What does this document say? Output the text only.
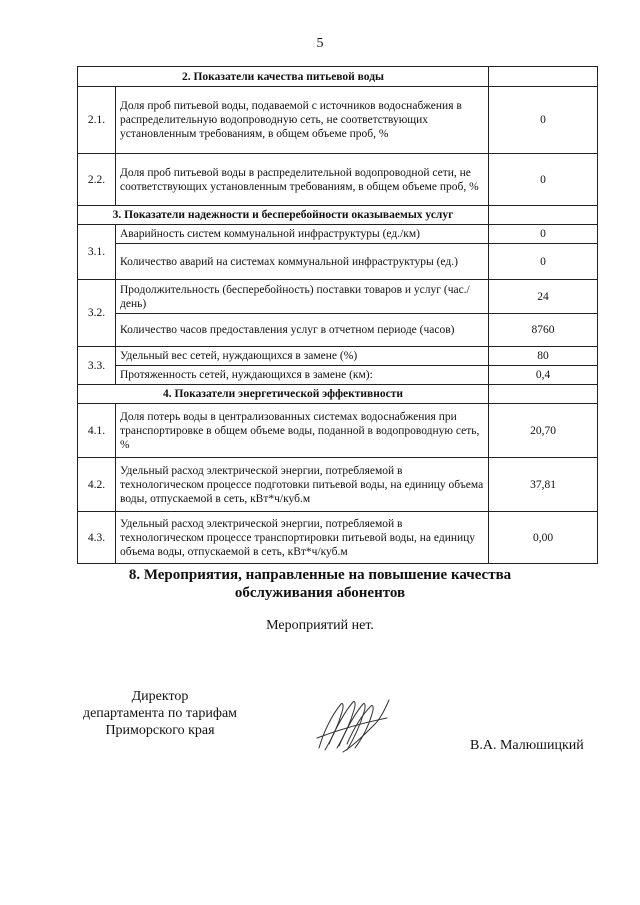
5
2. Показатели качества питьевой воды		
2.1.	Доля проб питьевой воды, подаваемой с источников водоснабжения в распределительную водопроводную сеть, не соответствующих установленным требованиям, в общем объеме проб, %	0
2.2.	Доля проб питьевой воды в распределительной водопроводной сети, не соответствующих установленным требованиям, в общем объеме проб, %	0
3. Показатели надежности и бесперебойности оказываемых услуг		
3.1.	Аварийность систем коммунальной инфраструктуры (ед./км)	0
	Количество аварий на системах коммунальной инфраструктуры (ед.)	0
3.2.	Продолжительность (бесперебойность) поставки товаров и услуг (час./день)	24
	Количество часов предоставления услуг в отчетном периоде (часов)	8760
3.3.	Удельный вес сетей, нуждающихся в замене (%)	80
	Протяженность сетей, нуждающихся в замене (км):	0,4
4. Показатели энергетической эффективности		
4.1.	Доля потерь воды в централизованных системах водоснабжения при транспортировке в общем объеме воды, поданной в водопроводную сеть, %	20,70
4.2.	Удельный расход электрической энергии, потребляемой в технологическом процессе подготовки питьевой воды, на единицу объема воды, отпускаемой в сеть, кВт*ч/куб.м	37,81
4.3.	Удельный расход электрической энергии, потребляемой в технологическом процессе транспортировки питьевой воды, на единицу объема воды, отпускаемой в сеть, кВт*ч/куб.м	0,00
8. Мероприятия, направленные на повышение качества
обслуживания абонентов
Мероприятий нет.
Директор
департамента по тарифам
Приморского края
В.А. Малюшицкий
